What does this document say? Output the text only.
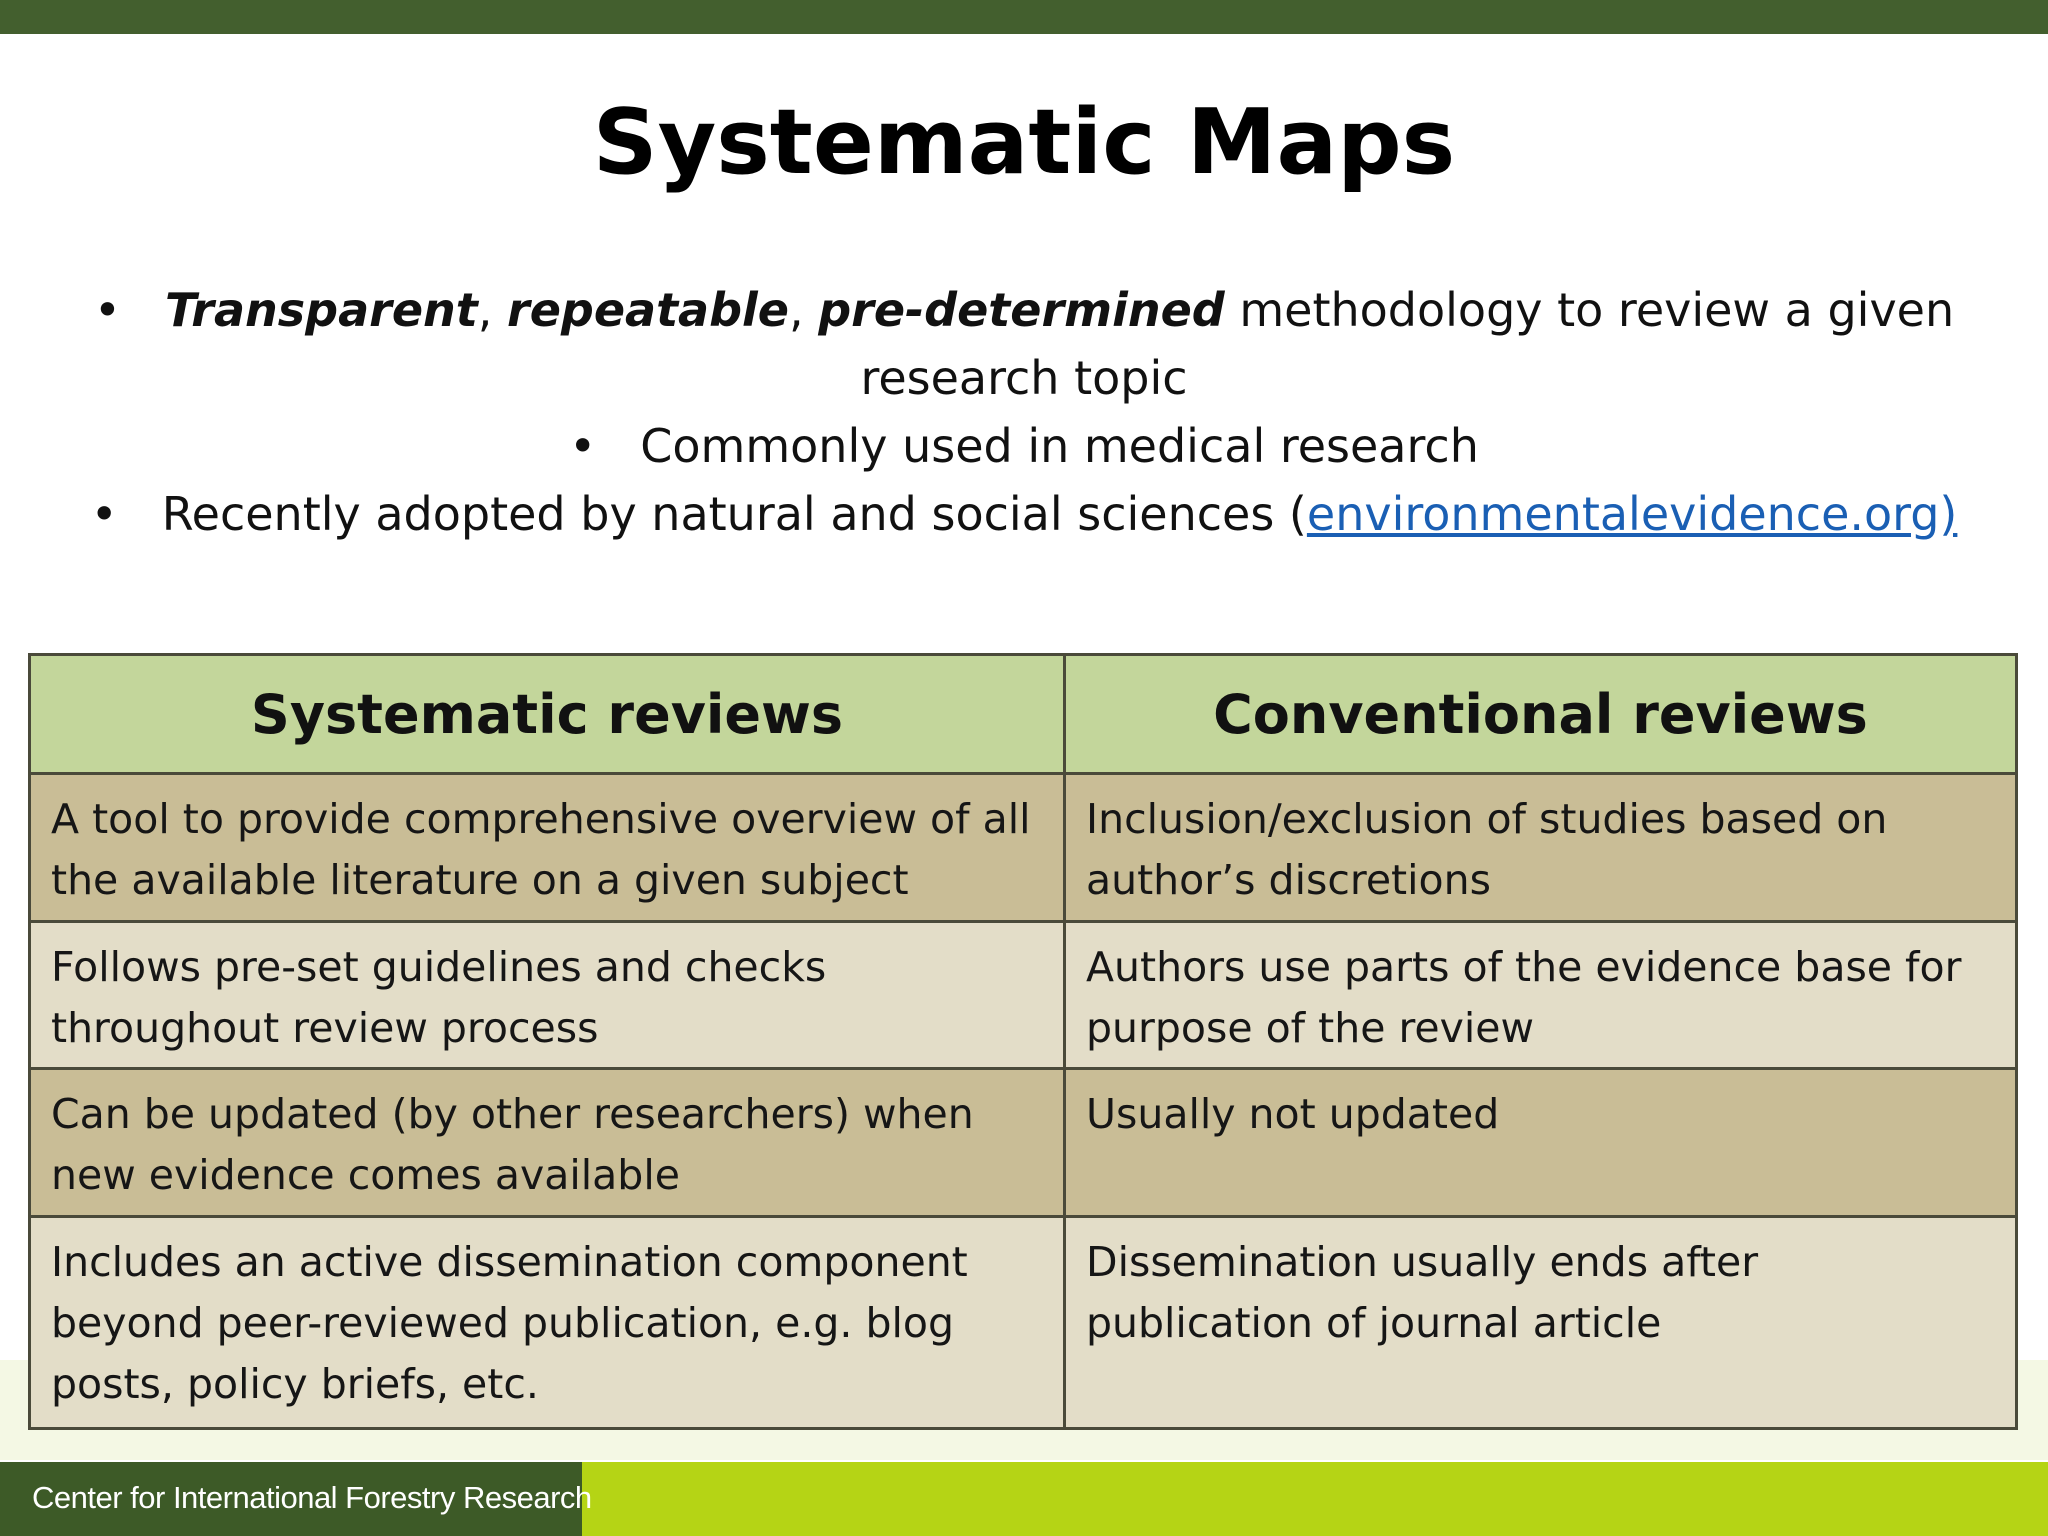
Systematic Maps

• Transparent, repeatable, pre-determined methodology to review a given

research topic

• Commonly used in medical research

• Recently adopted by natural and social sciences (environmentalevidence.org)

Systematic reviews	Conventional reviews
A tool to provide comprehensive overview of all the available literature on a given subject	Inclusion/exclusion of studies based on author’s discretions
Follows pre-set guidelines and checks throughout review process	Authors use parts of the evidence base for purpose of the review
Can be updated (by other researchers) when new evidence comes available	Usually not updated
Includes an active dissemination component beyond peer-reviewed publication, e.g. blog posts, policy briefs, etc.	Dissemination usually ends after publication of journal article
Center for International Forestry Research
